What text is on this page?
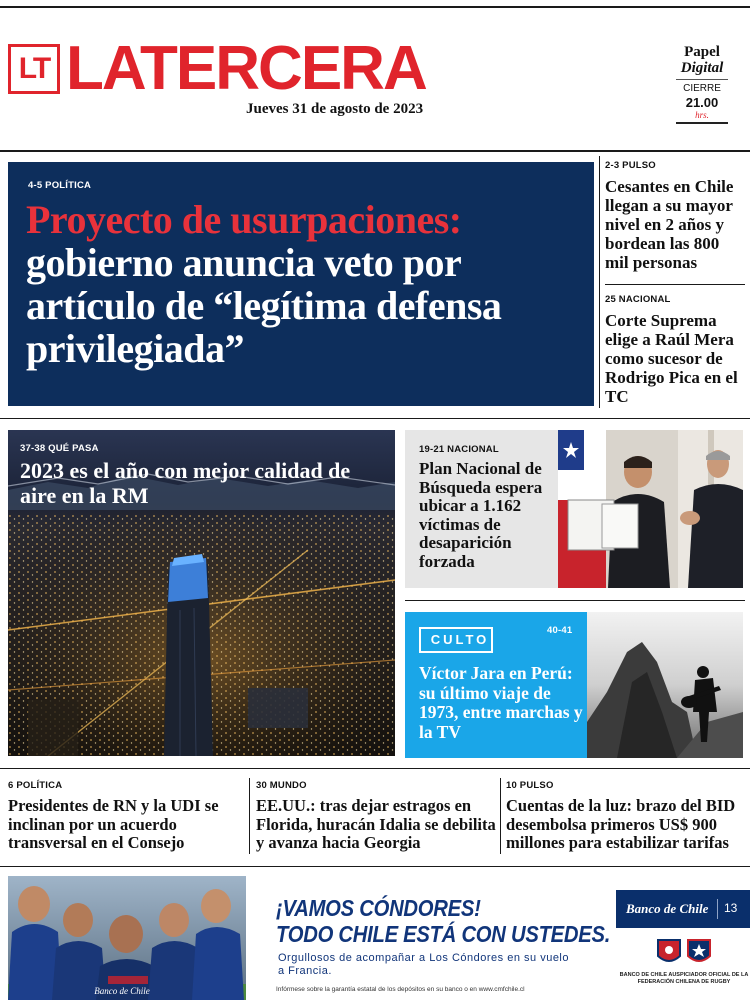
LT LATERCERA
Jueves 31 de agosto de 2023
Papel
Digital
CIERRE
21.00
hrs.
4-5 POLÍTICA
Proyecto de usurpaciones:
gobierno anuncia veto por artículo de “legítima defensa privilegiada”
2-3 PULSO
Cesantes en Chile llegan a su mayor nivel en 2 años y bordean las 800 mil personas
25 NACIONAL
Corte Suprema elige a Raúl Mera como sucesor de Rodrigo Pica en el TC
37-38 QUÉ PASA
2023 es el año con mejor calidad de aire en la RM
19-21 NACIONAL
Plan Nacional de Búsqueda espera ubicar a 1.162 víctimas de desaparición forzada
CULTO
40-41
Víctor Jara en Perú: su último viaje de 1973, entre marchas y la TV
6 POLÍTICA
Presidentes de RN y la UDI se inclinan por un acuerdo transversal en el Consejo
30 MUNDO
EE.UU.: tras dejar estragos en Florida, huracán Idalia se debilita y avanza hacia Georgia
10 PULSO
Cuentas de la luz: brazo del BID desembolsa primeros US$ 900 millones para estabilizar tarifas
Banco de Chile
¡VAMOS CÓNDORES!
TODO CHILE ESTÁ CON USTEDES.
Orgullosos de acompañar a Los Cóndores en su vuelo a Francia.
Infórmese sobre la garantía estatal de los depósitos en su banco o en www.cmfchile.cl
Banco de Chile 13
BANCO DE CHILE AUSPICIADOR OFICIAL DE LA FEDERACIÓN CHILENA DE RUGBY
